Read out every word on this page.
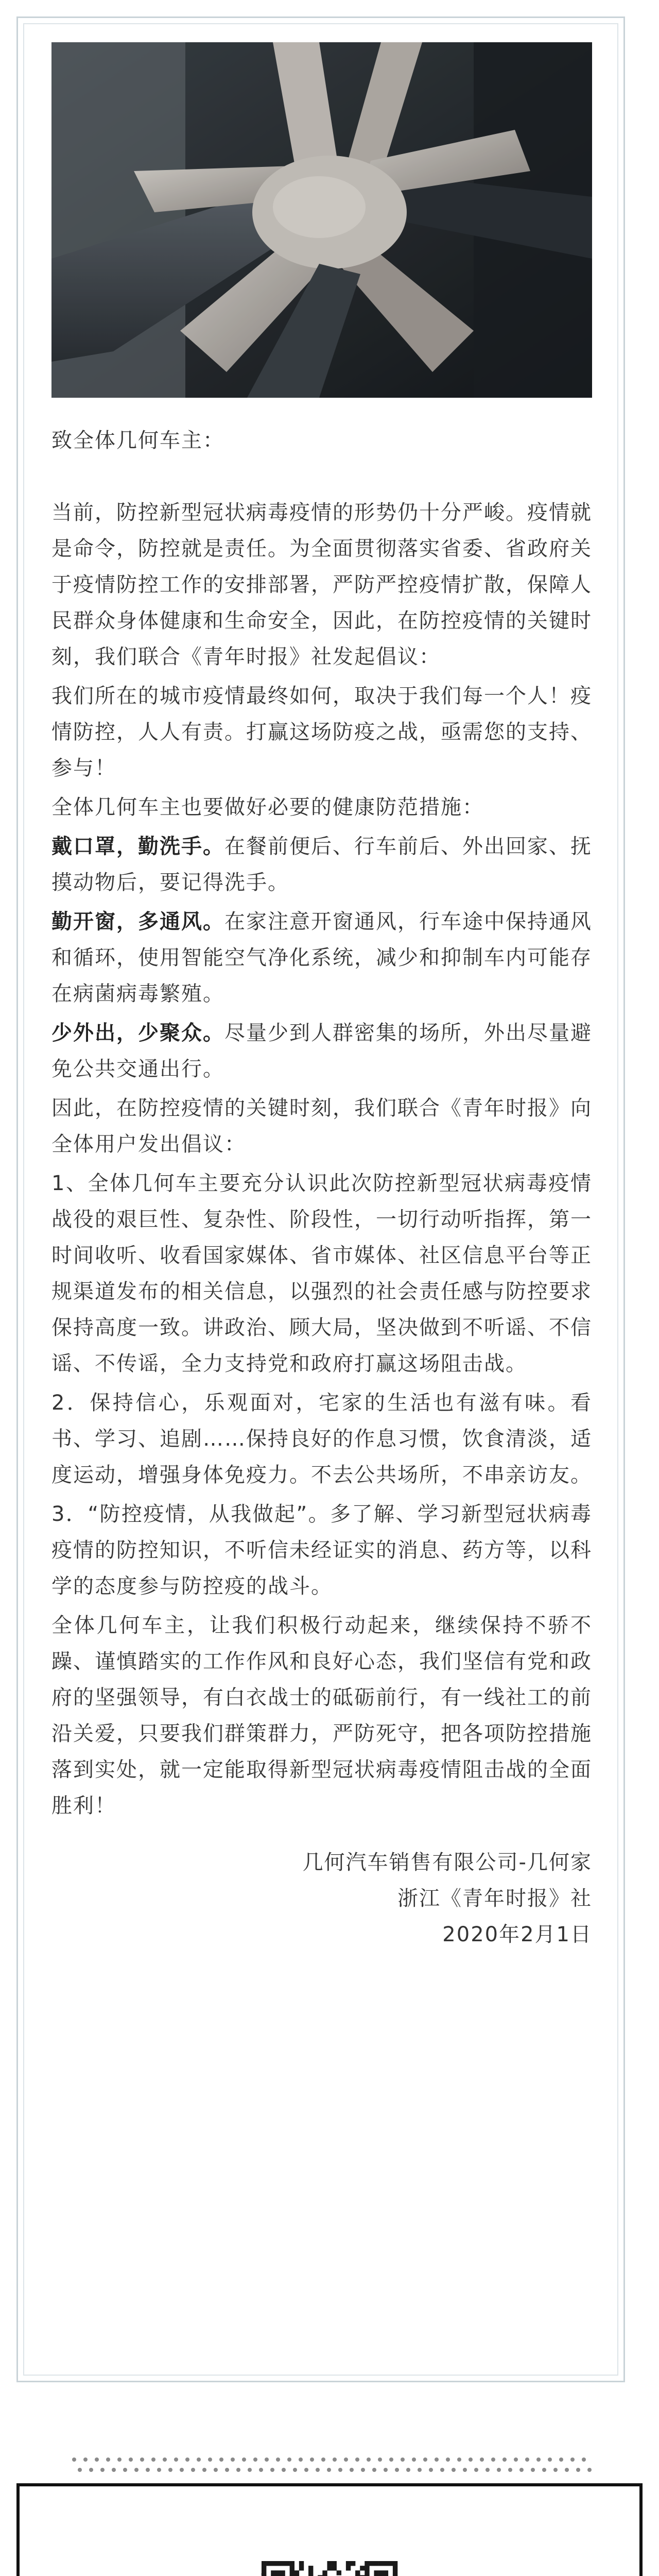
致全体几何车主：

当前，防控新型冠状病毒疫情的形势仍十分严峻。疫情就是命令，防控就是责任。为全面贯彻落实省委、省政府关于疫情防控工作的安排部署，严防严控疫情扩散，保障人民群众身体健康和生命安全，因此，在防控疫情的关键时刻，我们联合《青年时报》社发起倡议：

我们所在的城市疫情最终如何，取决于我们每一个人！疫情防控，人人有责。打赢这场防疫之战，亟需您的支持、参与！

全体几何车主也要做好必要的健康防范措施：

戴口罩，勤洗手。在餐前便后、行车前后、外出回家、抚摸动物后，要记得洗手。

勤开窗，多通风。在家注意开窗通风，行车途中保持通风和循环，使用智能空气净化系统，减少和抑制车内可能存在病菌病毒繁殖。

少外出，少聚众。尽量少到人群密集的场所，外出尽量避免公共交通出行。

因此，在防控疫情的关键时刻，我们联合《青年时报》向全体用户发出倡议：

1、全体几何车主要充分认识此次防控新型冠状病毒疫情战役的艰巨性、复杂性、阶段性，一切行动听指挥，第一时间收听、收看国家媒体、省市媒体、社区信息平台等正规渠道发布的相关信息，以强烈的社会责任感与防控要求保持高度一致。讲政治、顾大局，坚决做到不听谣、不信谣、不传谣，全力支持党和政府打赢这场阻击战。

2．保持信心，乐观面对，宅家的生活也有滋有味。看书、学习、追剧……保持良好的作息习惯，饮食清淡，适度运动，增强身体免疫力。不去公共场所，不串亲访友。

3．“防控疫情，从我做起”。多了解、学习新型冠状病毒疫情的防控知识，不听信未经证实的消息、药方等，以科学的态度参与防控疫的战斗。

全体几何车主，让我们积极行动起来，继续保持不骄不躁、谨慎踏实的工作作风和良好心态，我们坚信有党和政府的坚强领导，有白衣战士的砥砺前行，有一线社工的前沿关爱，只要我们群策群力，严防死守，把各项防控措施落到实处，就一定能取得新型冠状病毒疫情阻击战的全面胜利！

几何汽车销售有限公司-几何家

浙江《青年时报》社

2020年2月1日
